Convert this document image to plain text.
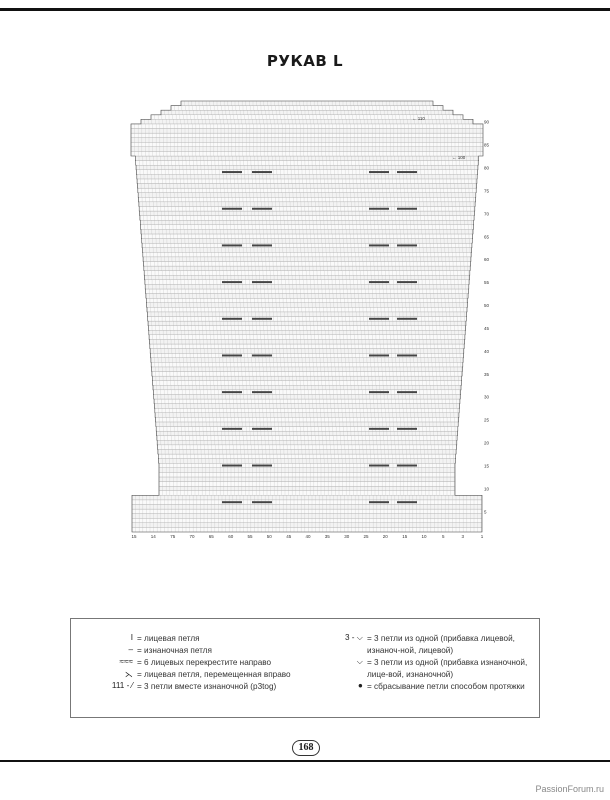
РУКАВ L
5
10
15
20
25
30
35
40
45
50
55
60
65
70
75
80
85
90
← 110
← 100
1
3
5
10
15
20
25
30
35
40
45
50
55
60
65
70
75
14
15
I = лицевая петля
– = изнаночная петля
≈≈≈ = 6 лицевых перекрестите направо
⋋ = лицевая петля, перемещенная вправо
111 - ⁄ = 3 петли вместе изнаночной (p3tog)
3 - ⌵ = 3 петли из одной (прибавка лицевой, изнаноч-ной, лицевой)
⌵ = 3 петли из одной (прибавка изнаночной, лице-вой, изнаночной)
● = сбрасывание петли способом протяжки
168
PassionForum.ru
